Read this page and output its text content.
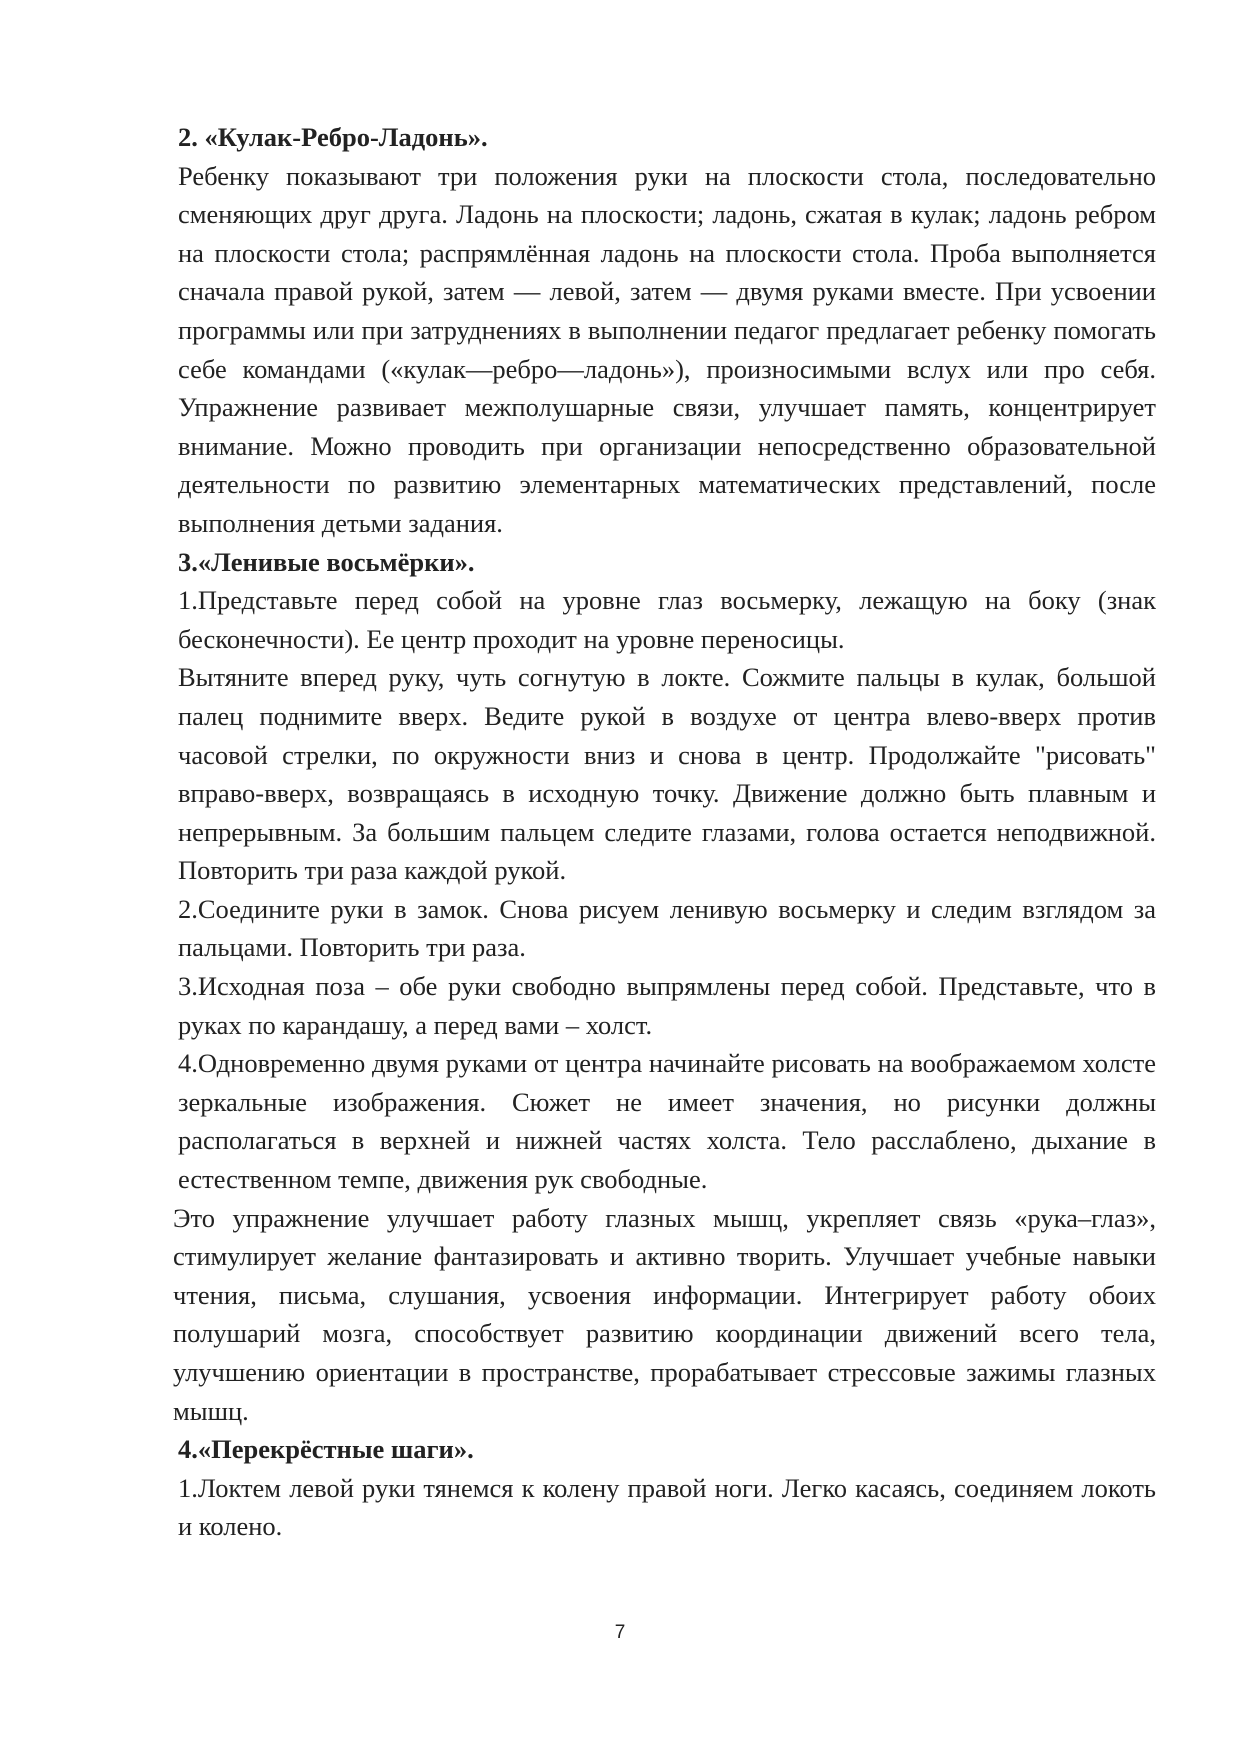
2. «Кулак-Ребро-Ладонь».

Ребенку показывают три положения руки на плоскости стола, последовательно сменяющих друг друга. Ладонь на плоскости; ладонь, сжатая в кулак; ладонь ребром на плоскости стола; распрямлённая ладонь на плоскости стола. Проба выполняется сначала правой рукой, затем — левой, затем — двумя руками вместе. При усвоении программы или при затруднениях в выполнении педагог предлагает ребенку помогать себе командами («кулак—ребро—ладонь»), произносимыми вслух или про себя. Упражнение развивает межполушарные связи, улучшает память, концентрирует внимание. Можно проводить при организации непосредственно образовательной деятельности по развитию элементарных математических представлений, после выполнения детьми задания.

3.«Ленивые восьмёрки».

1.Представьте перед собой на уровне глаз восьмерку, лежащую на боку (знак бесконечности). Ее центр проходит на уровне переносицы.

Вытяните вперед руку, чуть согнутую в локте. Сожмите пальцы в кулак, большой палец поднимите вверх. Ведите рукой в воздухе от центра влево-вверх против часовой стрелки, по окружности вниз и снова в центр. Продолжайте "рисовать" вправо-вверх, возвращаясь в исходную точку. Движение должно быть плавным и непрерывным. За большим пальцем следите глазами, голова остается неподвижной. Повторить три раза каждой рукой.

2.Соедините руки в замок. Снова рисуем ленивую восьмерку и следим взглядом за пальцами. Повторить три раза.

3.Исходная поза – обе руки свободно выпрямлены перед собой. Представьте, что в руках по карандашу, а перед вами – холст.

4.Одновременно двумя руками от центра начинайте рисовать на воображаемом холсте зеркальные изображения. Сюжет не имеет значения, но рисунки должны располагаться в верхней и нижней частях холста. Тело расслаблено, дыхание в естественном темпе, движения рук свободные.

Это упражнение улучшает работу глазных мышц, укрепляет связь «рука–глаз», стимулирует желание фантазировать и активно творить. Улучшает учебные навыки чтения, письма, слушания, усвоения информации. Интегрирует работу обоих полушарий мозга, способствует развитию координации движений всего тела, улучшению ориентации в пространстве, прорабатывает стрессовые зажимы глазных мышц.

4.«Перекрёстные шаги».

1.Локтем левой руки тянемся к колену правой ноги. Легко касаясь, соединяем локоть и колено.

7
